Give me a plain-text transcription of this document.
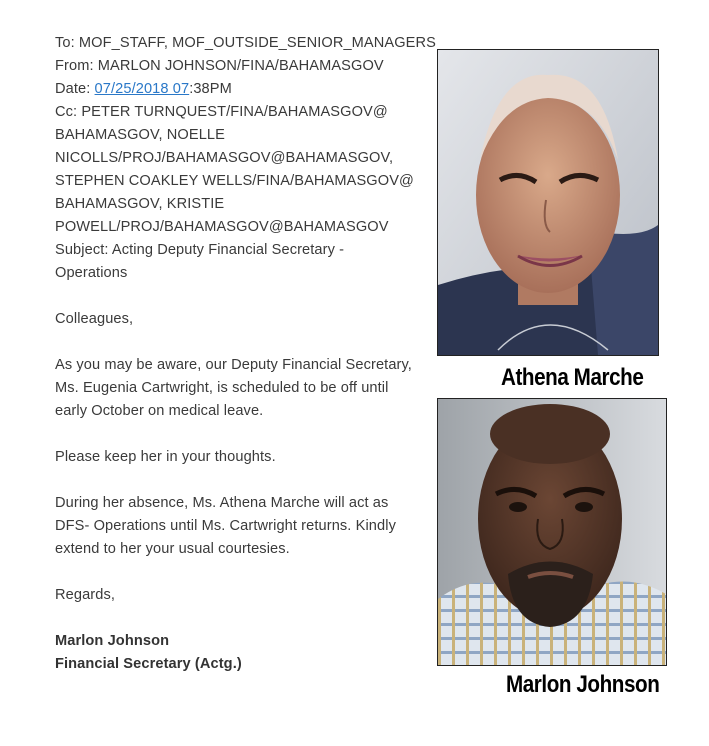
To: MOF_STAFF, MOF_OUTSIDE_SENIOR_MANAGERS
From: MARLON JOHNSON/FINA/BAHAMASGOV
Date: 07/25/2018 07:38PM
Cc: PETER TURNQUEST/FINA/BAHAMASGOV@
BAHAMASGOV, NOELLE
NICOLLS/PROJ/BAHAMASGOV@BAHAMASGOV,
STEPHEN COAKLEY WELLS/FINA/BAHAMASGOV@
BAHAMASGOV, KRISTIE
POWELL/PROJ/BAHAMASGOV@BAHAMASGOV
Subject: Acting Deputy Financial Secretary -
Operations
Colleagues,
As you may be aware, our Deputy Financial Secretary,
Ms. Eugenia Cartwright, is scheduled to be off until
early October on medical leave.
Please keep her in your thoughts.
During her absence, Ms. Athena Marche will act as
DFS- Operations until Ms. Cartwright returns. Kindly
extend to her your usual courtesies.
Regards,
Marlon Johnson
Financial Secretary (Actg.)
Athena Marche
Marlon Johnson
